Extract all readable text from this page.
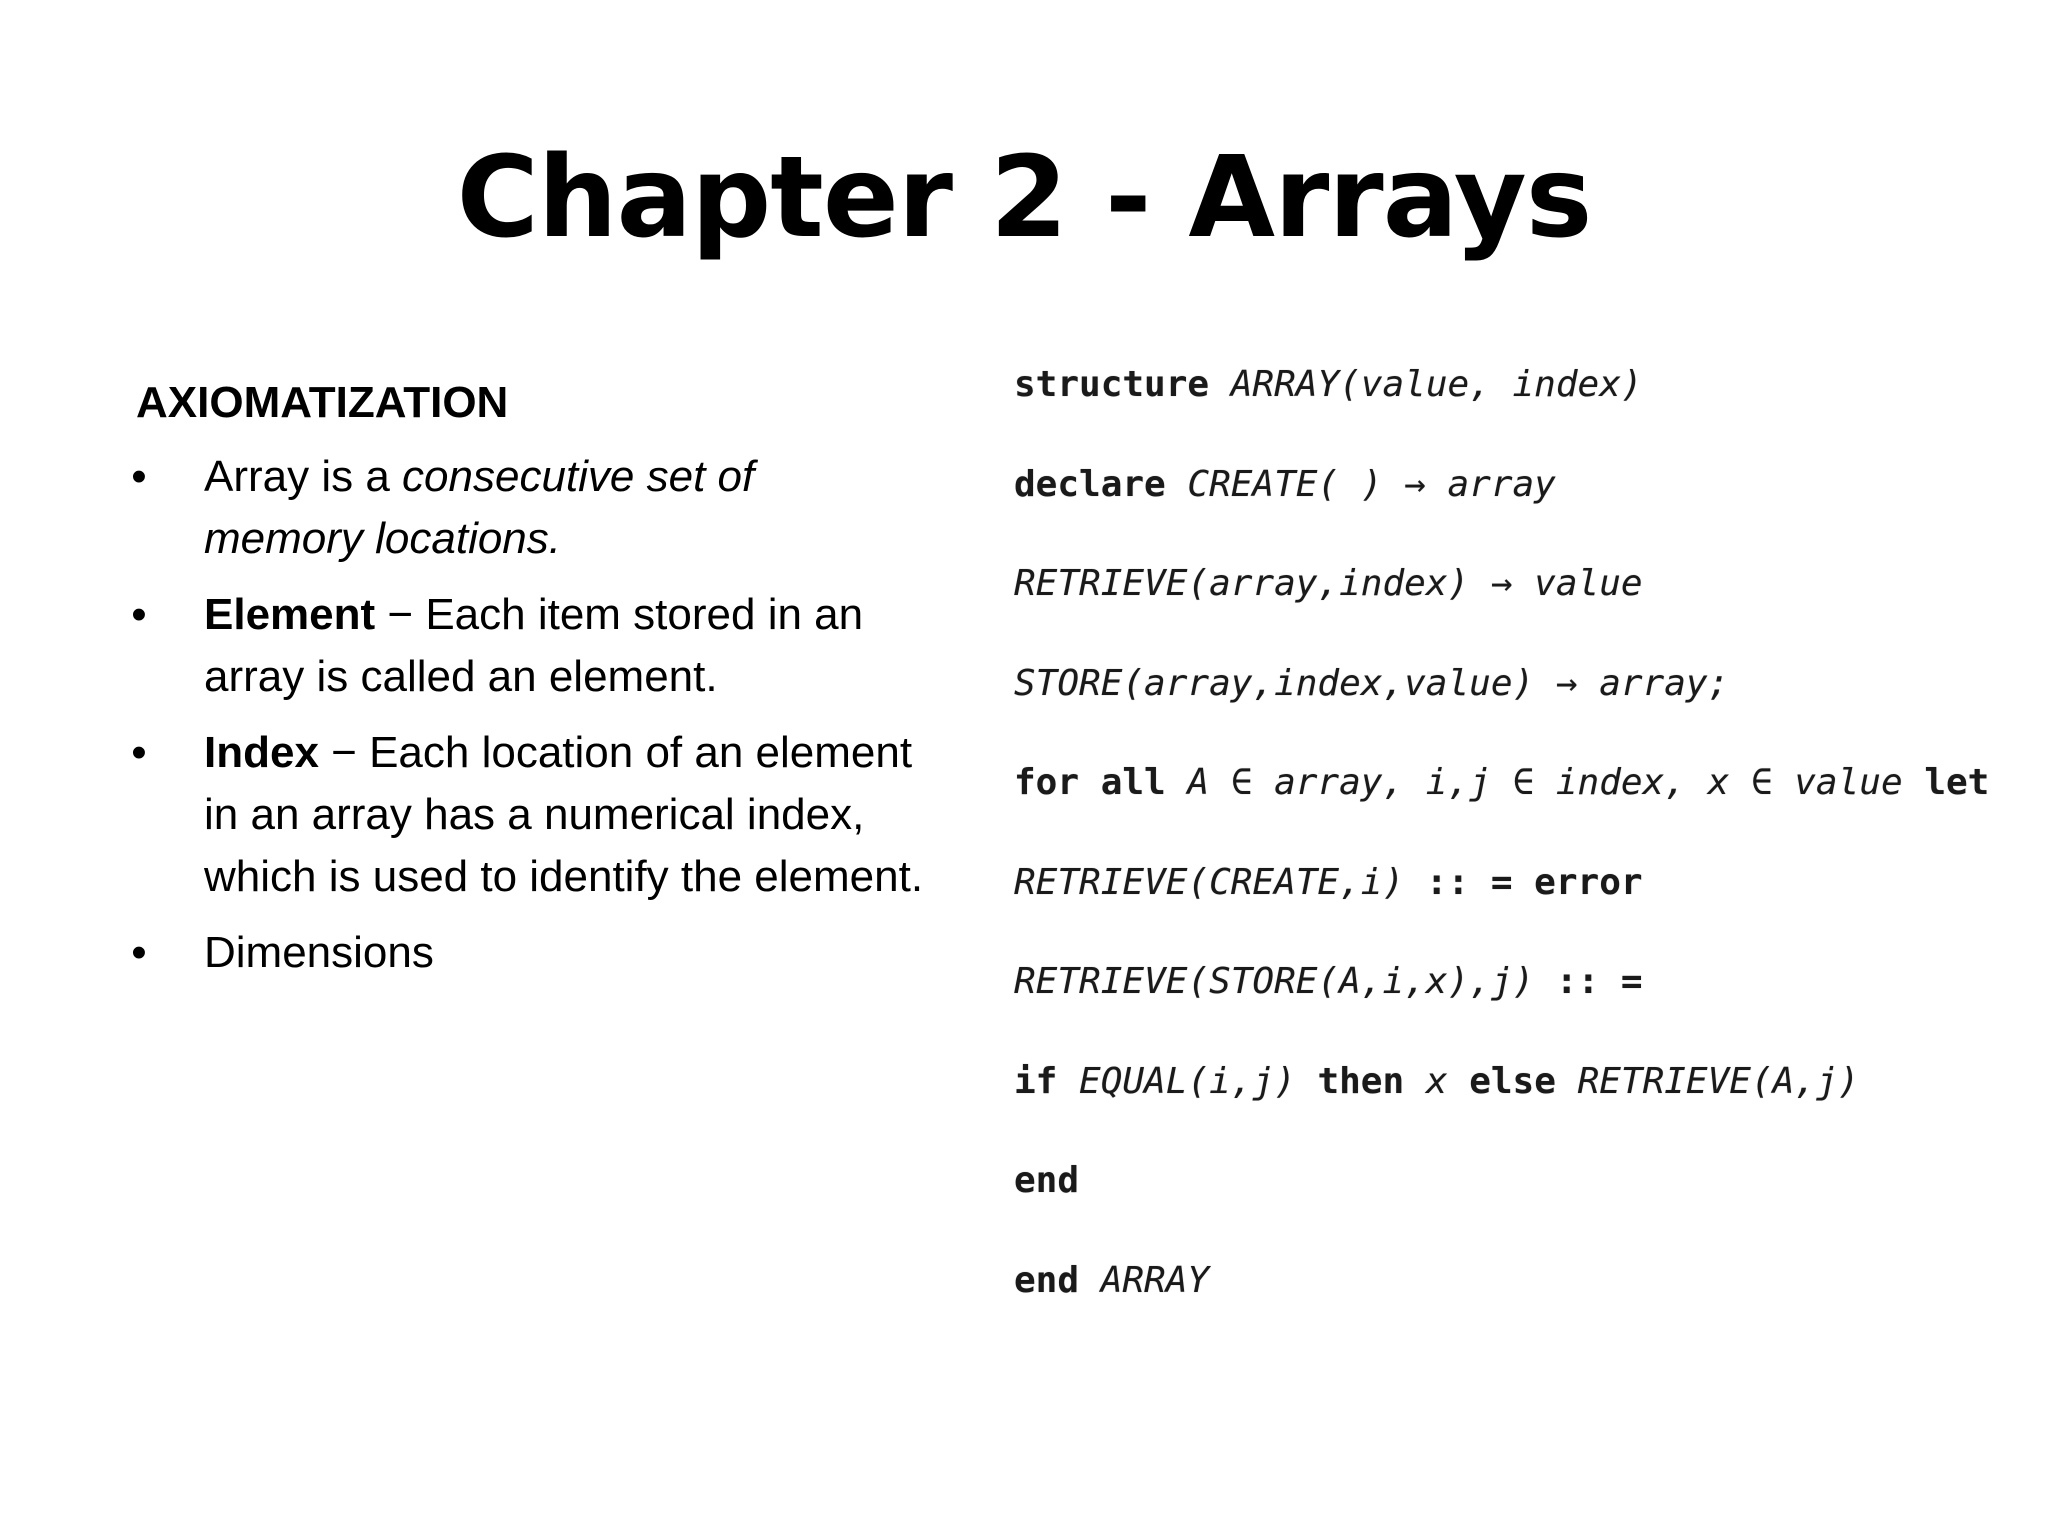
Chapter 2 - Arrays
AXIOMATIZATION
• Array is a consecutive set of memory locations.
• Element − Each item stored in an array is called an element.
• Index − Each location of an element in an array has a numerical index, which is used to identify the element.
• Dimensions
structure ARRAY(value, index)
declare CREATE( ) → array
RETRIEVE(array,index) → value
STORE(array,index,value) → array;
for all A ∈ array, i,j ∈ index, x ∈ value let
RETRIEVE(CREATE,i) :: = error
RETRIEVE(STORE(A,i,x),j) :: =
if EQUAL(i,j) then x else RETRIEVE(A,j)
end
end ARRAY
